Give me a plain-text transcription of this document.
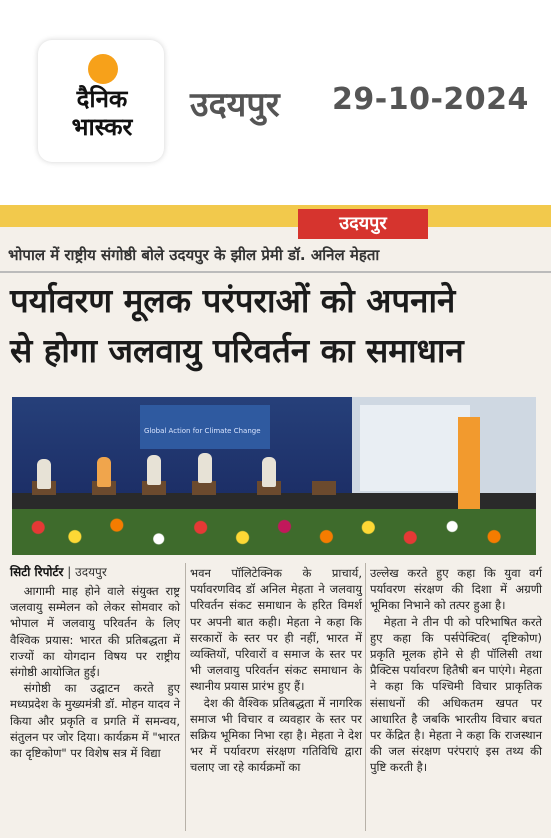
दैनिक
भास्कर
उदयपुर 29-10-2024
उदयपुर
भोपाल में राष्ट्रीय संगोष्ठी बोले उदयपुर के झील प्रेमी डॉ. अनिल मेहता
पर्यावरण मूलक परंपराओं को अपनाने
से होगा जलवायु परिवर्तन का समाधान
Global Action for Climate Change
सिटी रिपोर्टर | उदयपुर

आगामी माह होने वाले संयुक्त राष्ट्र जलवायु सम्मेलन को लेकर सोमवार को भोपाल में जलवायु परिवर्तन के लिए वैश्विक प्रयास: भारत की प्रतिबद्धता में राज्यों का योगदान विषय पर राष्ट्रीय संगोष्ठी आयोजित हुई।

संगोष्ठी का उद्घाटन करते हुए मध्यप्रदेश के मुख्यमंत्री डॉ. मोहन यादव ने किया और प्रकृति व प्रगति में समन्वय, संतुलन पर जोर दिया। कार्यक्रम में "भारत का दृष्टिकोण" पर विशेष सत्र में विद्या

भवन पॉलिटेक्निक के प्राचार्य, पर्यावरणविद डॉ अनिल मेहता ने जलवायु परिवर्तन संकट समाधान के हरित विमर्श पर अपनी बात कही। मेहता ने कहा कि सरकारों के स्तर पर ही नहीं, भारत में व्यक्तियों, परिवारों व समाज के स्तर पर भी जलवायु परिवर्तन संकट समाधान के स्थानीय प्रयास प्रारंभ हुए हैं।

देश की वैश्विक प्रतिबद्धता में नागरिक समाज भी विचार व व्यवहार के स्तर पर सक्रिय भूमिका निभा रहा है। मेहता ने देश भर में पर्यावरण संरक्षण गतिविधि द्वारा चलाए जा रहे कार्यक्रमों का

उल्लेख करते हुए कहा कि युवा वर्ग पर्यावरण संरक्षण की दिशा में अग्रणी भूमिका निभाने को तत्पर हुआ है।

मेहता ने तीन पी को परिभाषित करते हुए कहा कि पर्सपेक्टिव( दृष्टिकोण) प्रकृति मूलक होने से ही पॉलिसी तथा प्रैक्टिस पर्यावरण हितैषी बन पाएंगे। मेहता ने कहा कि पश्चिमी विचार प्राकृतिक संसाधनों की अधिकतम खपत पर आधारित है जबकि भारतीय विचार बचत पर केंद्रित है। मेहता ने कहा कि राजस्थान की जल संरक्षण परंपराएं इस तथ्य की पुष्टि करती है।
